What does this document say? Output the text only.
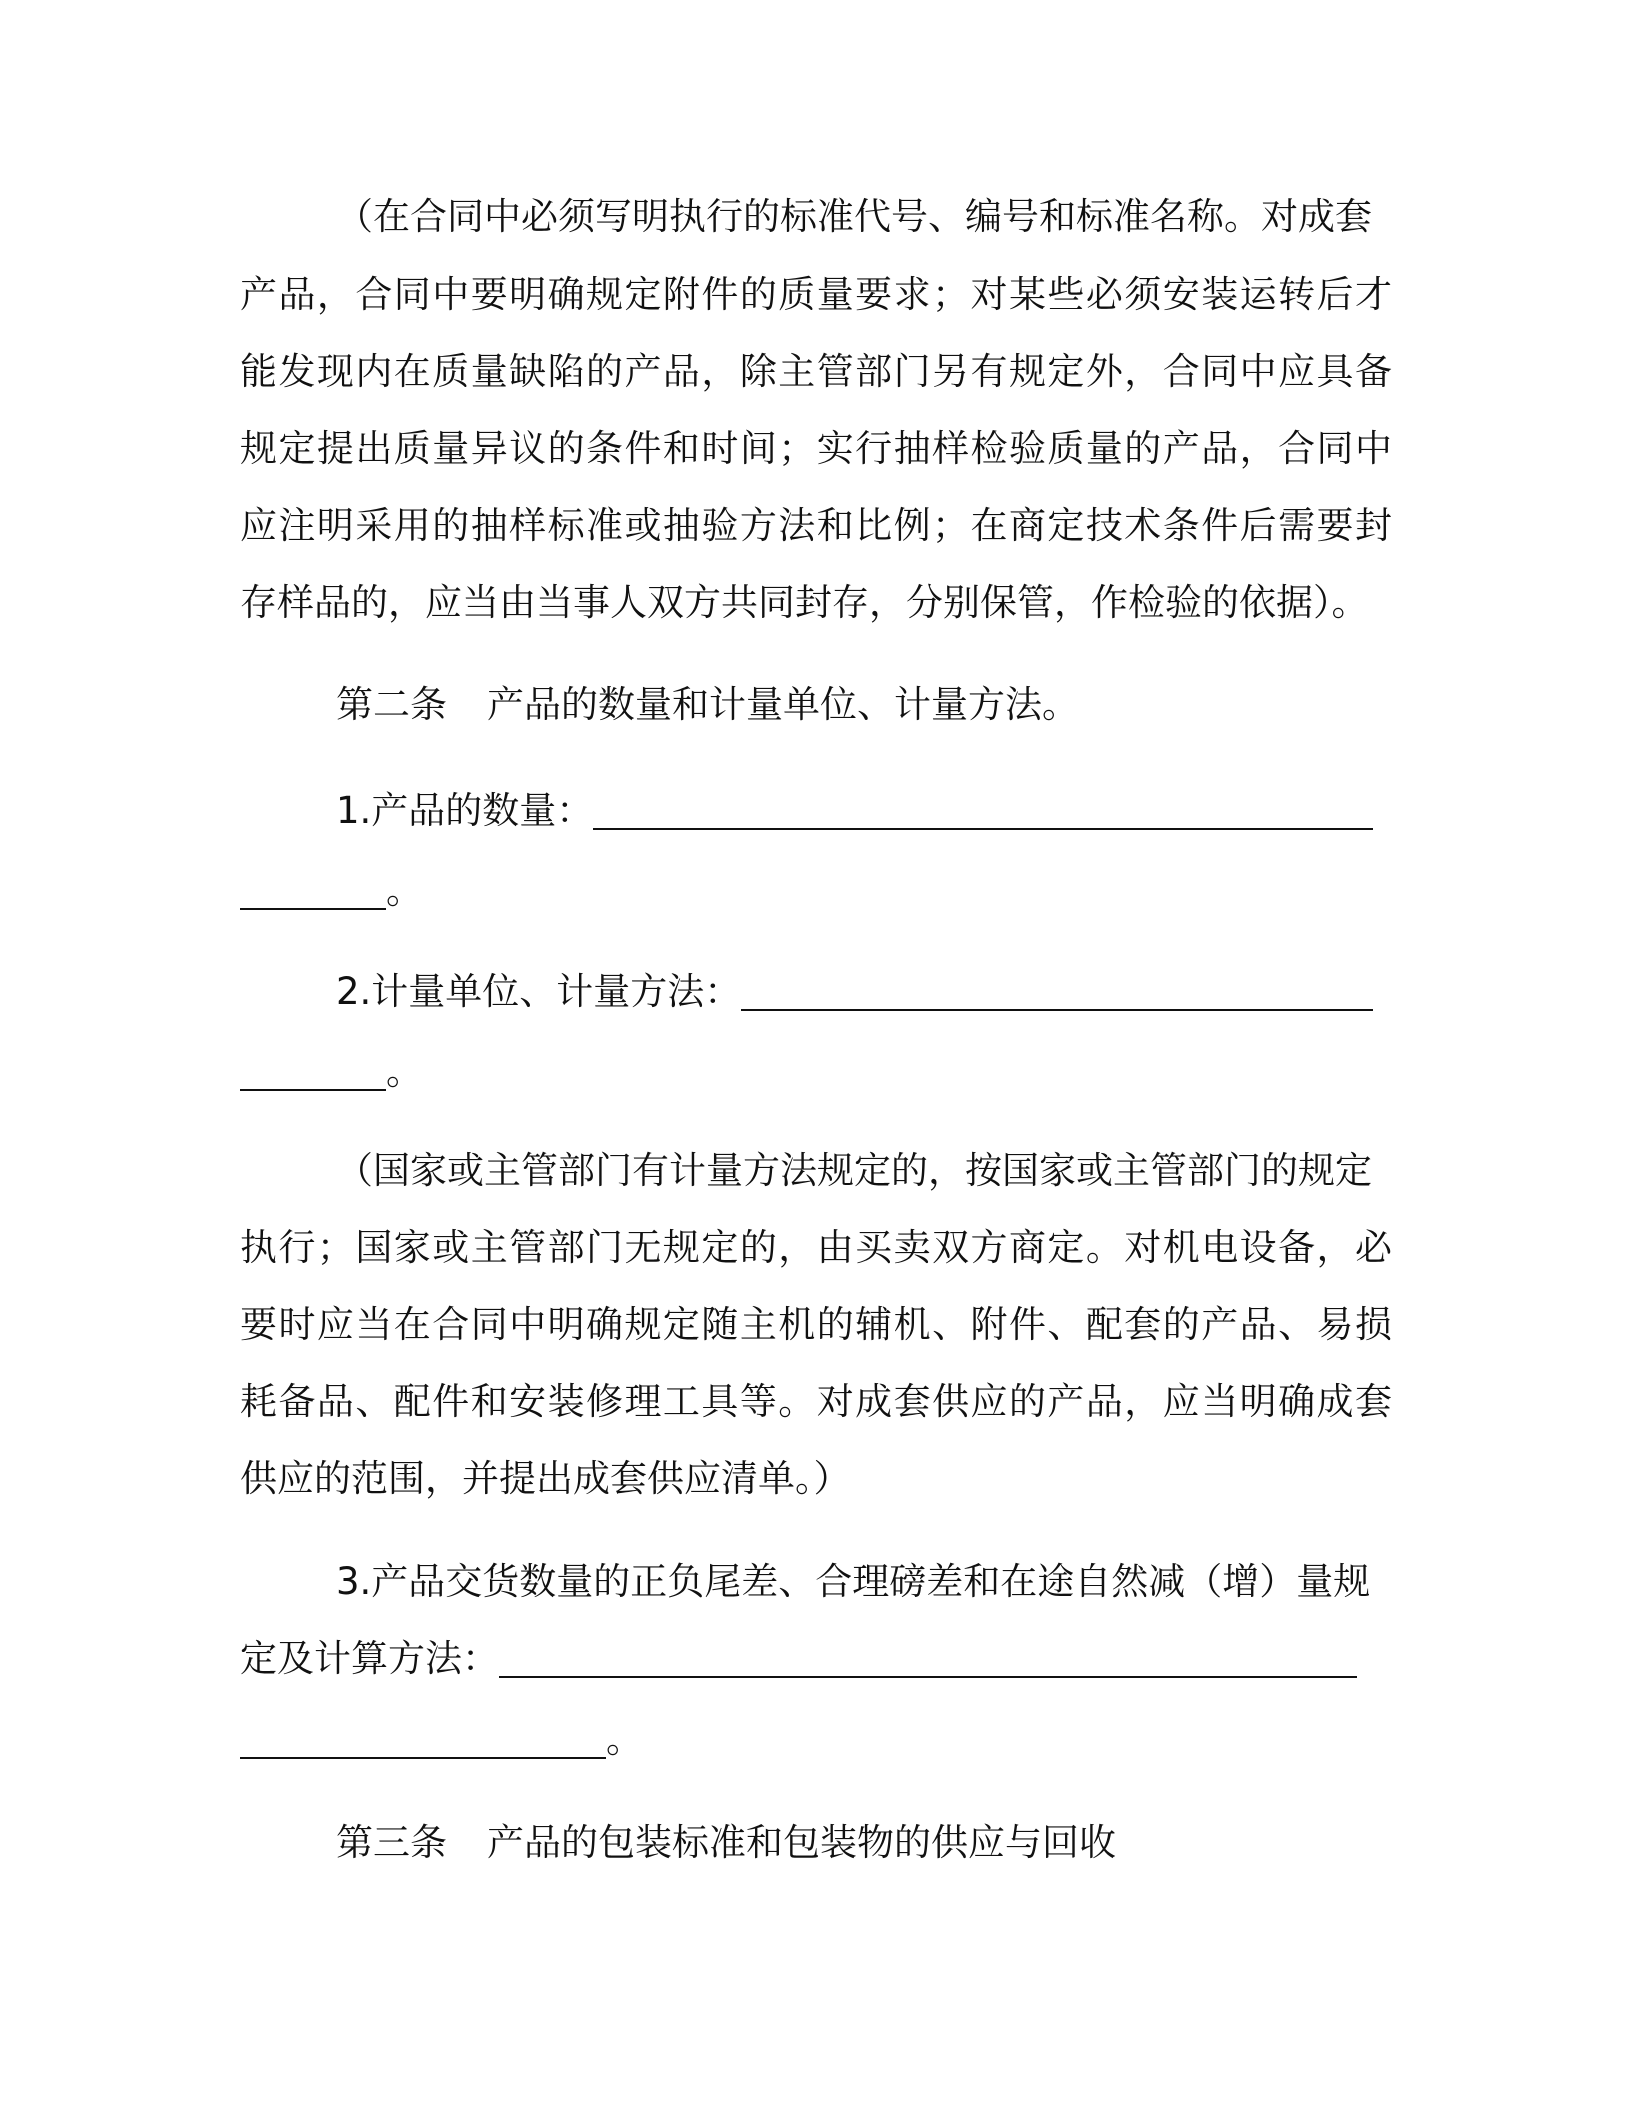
（在合同中必须写明执行的标准代号、编号和标准名称。对成套
产品，合同中要明确规定附件的质量要求；对某些必须安装运转后才
能发现内在质量缺陷的产品，除主管部门另有规定外，合同中应具备
规定提出质量异议的条件和时间；实行抽样检验质量的产品，合同中
应注明采用的抽样标准或抽验方法和比例；在商定技术条件后需要封
存样品的，应当由当事人双方共同封存，分别保管，作检验的依据）。
第二条 产品的数量和计量单位、计量方法。
1.产品的数量：
。
2.计量单位、计量方法：
。
（国家或主管部门有计量方法规定的，按国家或主管部门的规定
执行；国家或主管部门无规定的，由买卖双方商定。对机电设备，必
要时应当在合同中明确规定随主机的辅机、附件、配套的产品、易损
耗备品、配件和安装修理工具等。对成套供应的产品，应当明确成套
供应的范围，并提出成套供应清单。）
3.产品交货数量的正负尾差、合理磅差和在途自然减（增）量规
定及计算方法：
。
第三条 产品的包装标准和包装物的供应与回收
